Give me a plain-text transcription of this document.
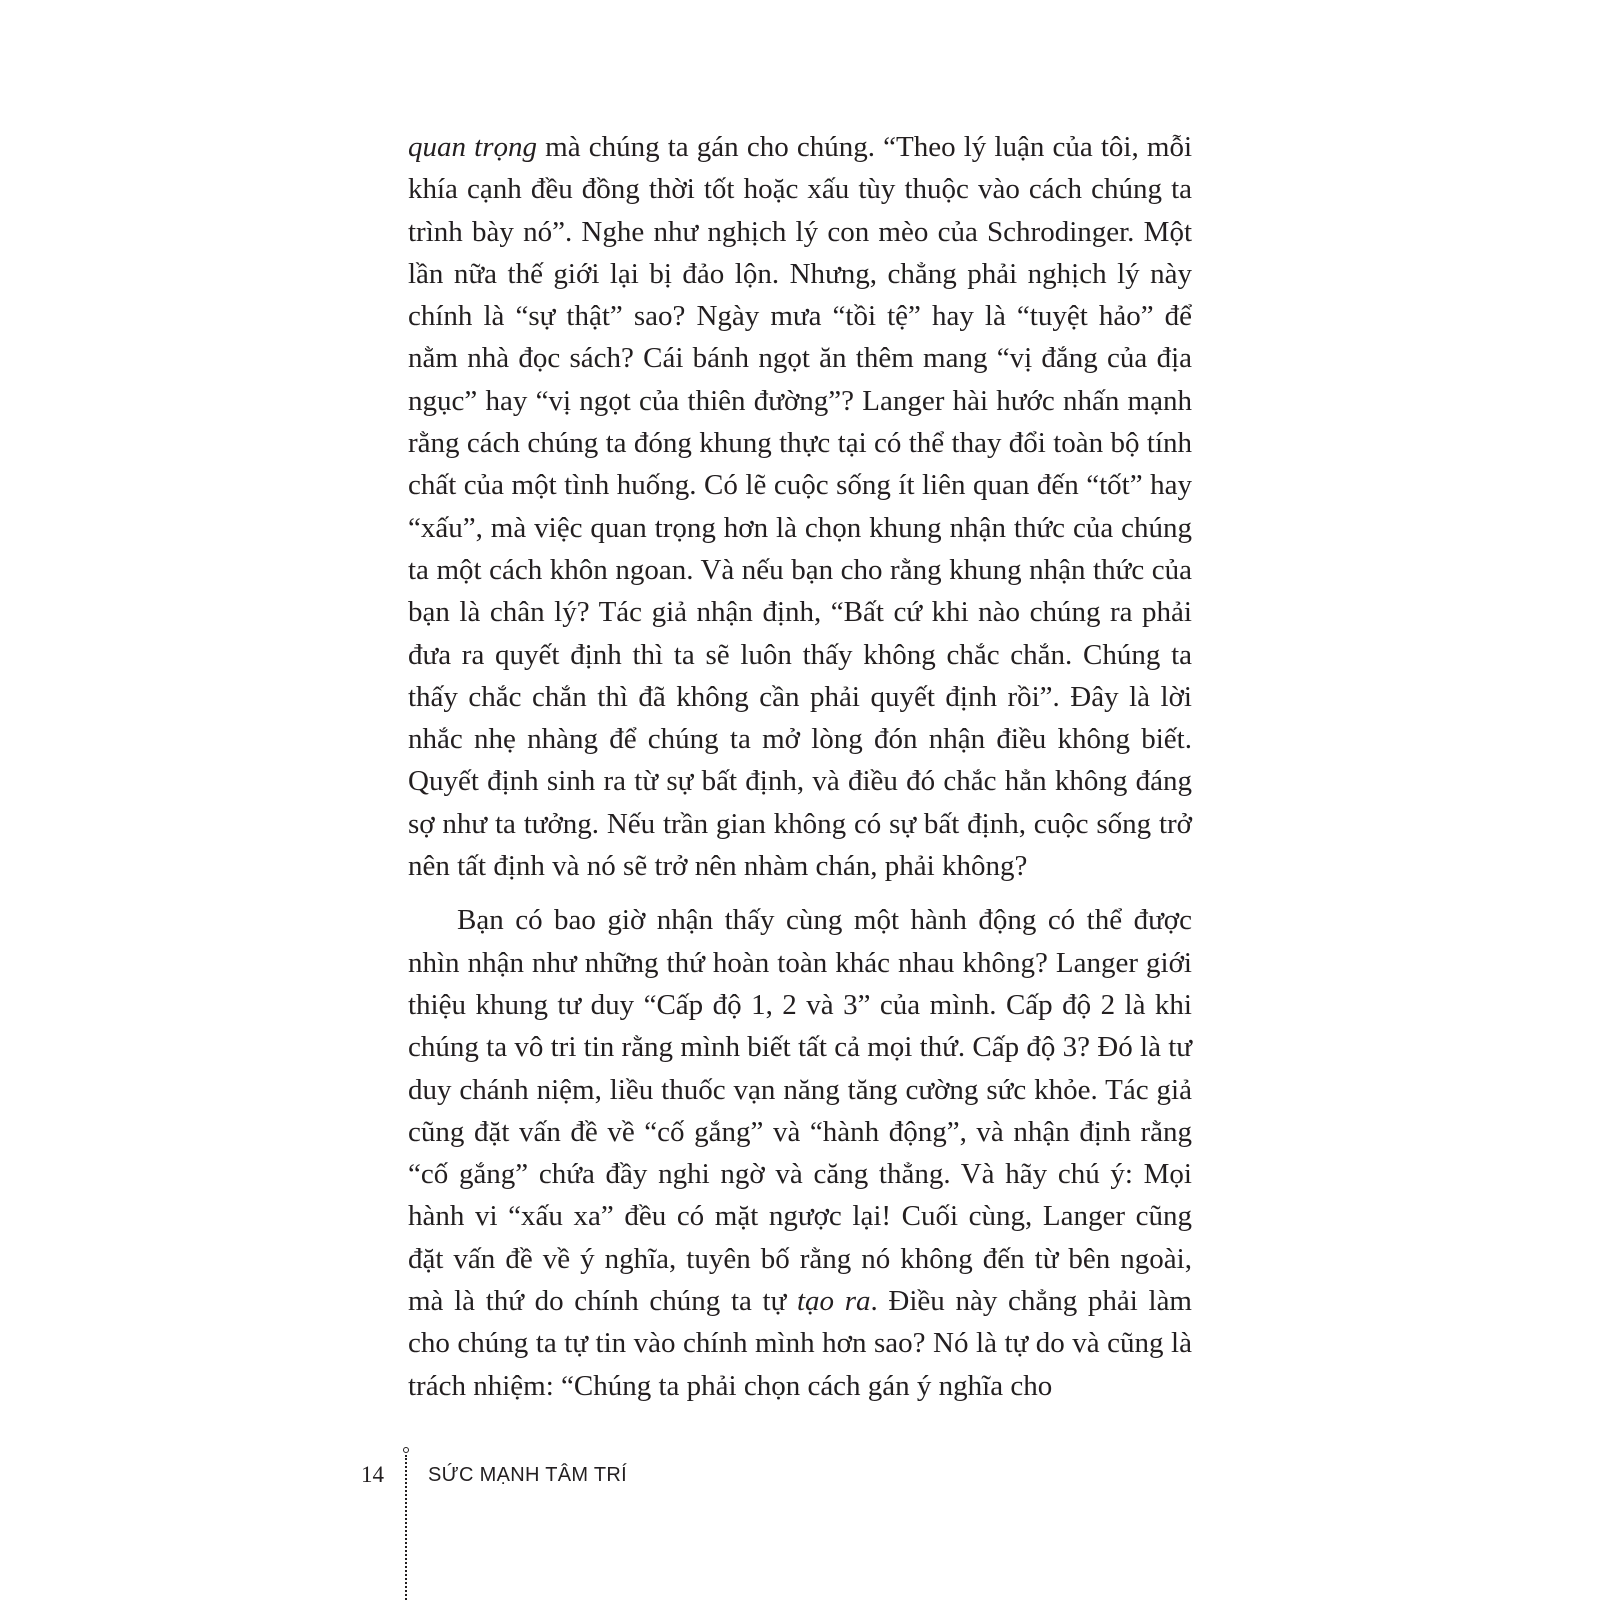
quan trọng mà chúng ta gán cho chúng. “Theo lý luận của tôi, mỗi khía cạnh đều đồng thời tốt hoặc xấu tùy thuộc vào cách chúng ta trình bày nó”. Nghe như nghịch lý con mèo của Schrodinger. Một lần nữa thế giới lại bị đảo lộn. Nhưng, chẳng phải nghịch lý này chính là “sự thật” sao? Ngày mưa “tồi tệ” hay là “tuyệt hảo” để nằm nhà đọc sách? Cái bánh ngọt ăn thêm mang “vị đắng của địa ngục” hay “vị ngọt của thiên đường”? Langer hài hước nhấn mạnh rằng cách chúng ta đóng khung thực tại có thể thay đổi toàn bộ tính chất của một tình huống. Có lẽ cuộc sống ít liên quan đến “tốt” hay “xấu”, mà việc quan trọng hơn là chọn khung nhận thức của chúng ta một cách khôn ngoan. Và nếu bạn cho rằng khung nhận thức của bạn là chân lý? Tác giả nhận định, “Bất cứ khi nào chúng ra phải đưa ra quyết định thì ta sẽ luôn thấy không chắc chắn. Chúng ta thấy chắc chắn thì đã không cần phải quyết định rồi”. Đây là lời nhắc nhẹ nhàng để chúng ta mở lòng đón nhận điều không biết. Quyết định sinh ra từ sự bất định, và điều đó chắc hẳn không đáng sợ như ta tưởng. Nếu trần gian không có sự bất định, cuộc sống trở nên tất định và nó sẽ trở nên nhàm chán, phải không?

Bạn có bao giờ nhận thấy cùng một hành động có thể được nhìn nhận như những thứ hoàn toàn khác nhau không? Langer giới thiệu khung tư duy “Cấp độ 1, 2 và 3” của mình. Cấp độ 2 là khi chúng ta vô tri tin rằng mình biết tất cả mọi thứ. Cấp độ 3? Đó là tư duy chánh niệm, liều thuốc vạn năng tăng cường sức khỏe. Tác giả cũng đặt vấn đề về “cố gắng” và “hành động”, và nhận định rằng “cố gắng” chứa đầy nghi ngờ và căng thẳng. Và hãy chú ý: Mọi hành vi “xấu xa” đều có mặt ngược lại! Cuối cùng, Langer cũng đặt vấn đề về ý nghĩa, tuyên bố rằng nó không đến từ bên ngoài, mà là thứ do chính chúng ta tự tạo ra. Điều này chẳng phải làm cho chúng ta tự tin vào chính mình hơn sao? Nó là tự do và cũng là trách nhiệm: “Chúng ta phải chọn cách gán ý nghĩa cho

14 SỨC MẠNH TÂM TRÍ
